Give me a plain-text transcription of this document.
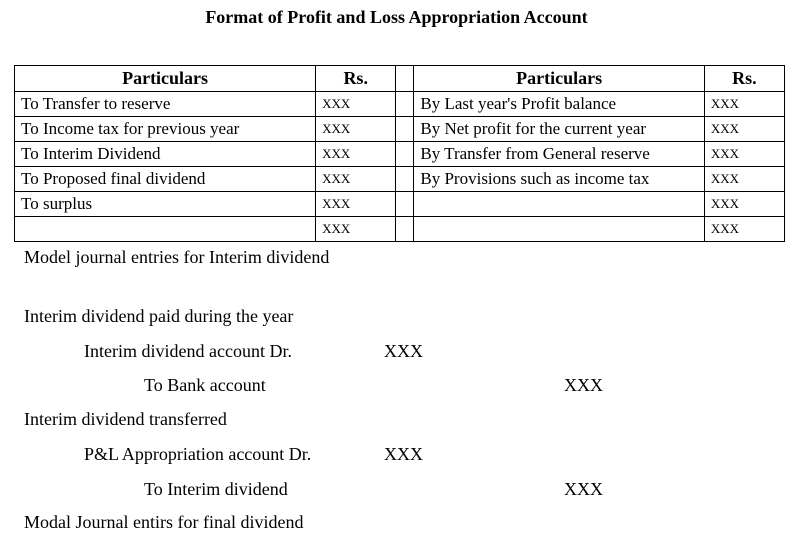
Format of Profit and Loss Appropriation Account
Particulars	Rs.		Particulars	Rs.
To Transfer to reserve	XXX		By Last year's Profit balance	XXX
To Income tax for previous year	XXX		By Net profit for the current year	XXX
To Interim Dividend	XXX		By Transfer from General reserve	XXX
To Proposed final dividend	XXX		By Provisions such as income tax	XXX
To surplus	XXX			XXX
	XXX			XXX
Model journal entries for Interim dividend
Interim dividend paid during the year
Interim dividend account Dr.	XXX
To Bank account	XXX
Interim dividend transferred
P&L Appropriation account Dr.	XXX
To Interim dividend	XXX
Modal Journal entirs for final dividend
